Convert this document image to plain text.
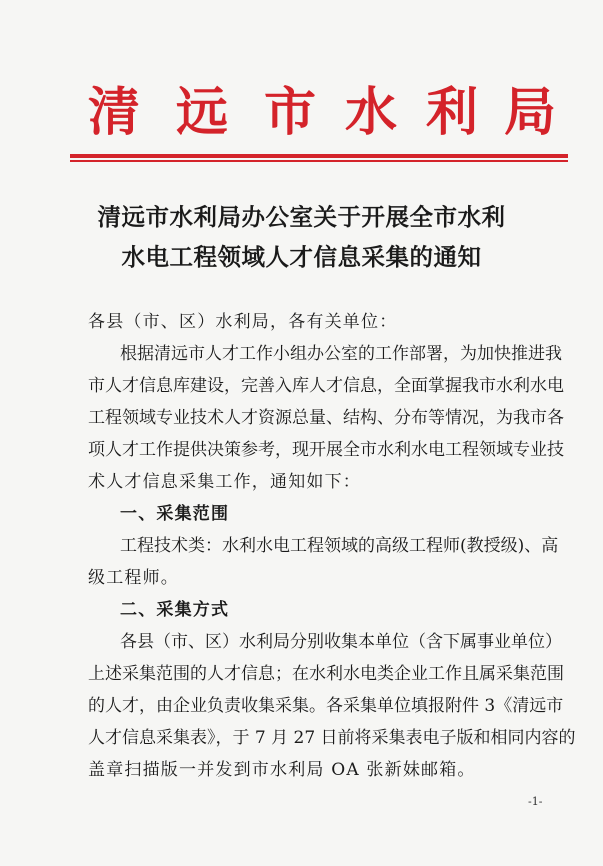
清 远 市 水 利 局
清远市水利局办公室关于开展全市水利
水电工程领域人才信息采集的通知
各县（市、区）水利局，各有关单位：
根据清远市人才工作小组办公室的工作部署，为加快推进我
市人才信息库建设，完善入库人才信息，全面掌握我市水利水电
工程领域专业技术人才资源总量、结构、分布等情况，为我市各
项人才工作提供决策参考，现开展全市水利水电工程领域专业技
术人才信息采集工作，通知如下：
一、采集范围
工程技术类：水利水电工程领域的高级工程师(教授级)、高
级工程师。
二、采集方式
各县（市、区）水利局分别收集本单位（含下属事业单位）
上述采集范围的人才信息；在水利水电类企业工作且属采集范围
的人才，由企业负责收集采集。各采集单位填报附件 3《清远市
人才信息采集表》，于 7 月 27 日前将采集表电子版和相同内容的
盖章扫描版一并发到市水利局 OA 张新妹邮箱。
-1-
